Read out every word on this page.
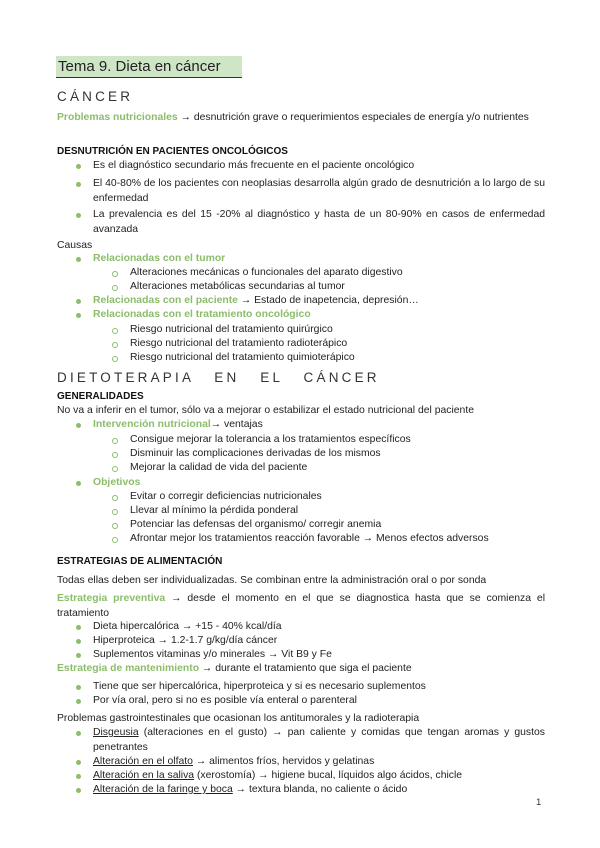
Tema 9. Dieta en cáncer
CÁNCER
Problemas nutricionales → desnutrición grave o requerimientos especiales de energía y/o nutrientes
DESNUTRICIÓN EN PACIENTES ONCOLÓGICOS
Es el diagnóstico secundario más frecuente en el paciente oncológico
El 40-80% de los pacientes con neoplasias desarrolla algún grado de desnutrición a lo largo de su enfermedad
La prevalencia es del 15 -20% al diagnóstico y hasta de un 80-90% en casos de enfermedad avanzada
Causas
Relacionadas con el tumor
Alteraciones mecánicas o funcionales del aparato digestivo
Alteraciones metabólicas secundarias al tumor
Relacionadas con el paciente → Estado de inapetencia, depresión…
Relacionadas con el tratamiento oncológico
Riesgo nutricional del tratamiento quirúrgico
Riesgo nutricional del tratamiento radioterápico
Riesgo nutricional del tratamiento quimioterápico
DIETOTERAPIA   EN   EL   CÁNCER
GENERALIDADES
No va a inferir en el tumor, sólo va a mejorar o estabilizar el estado nutricional del paciente
Intervención nutricional→ ventajas
Consigue mejorar la tolerancia a los tratamientos específicos
Disminuir las complicaciones derivadas de los mismos
Mejorar la calidad de vida del paciente
Objetivos
Evitar o corregir deficiencias nutricionales
Llevar al mínimo la pérdida ponderal
Potenciar las defensas del organismo/ corregir anemia
Afrontar mejor los tratamientos reacción favorable → Menos efectos adversos
ESTRATEGIAS DE ALIMENTACIÓN
Todas ellas deben ser individualizadas. Se combinan entre la administración oral o por sonda
Estrategia preventiva → desde el momento en el que se diagnostica hasta que se comienza el tratamiento
Dieta hipercalórica → +15 - 40% kcal/día
Hiperproteica → 1.2-1.7 g/kg/día cáncer
Suplementos vitaminas y/o minerales → Vit B9 y Fe
Estrategia de mantenimiento → durante el tratamiento que siga el paciente
Tiene que ser hipercalórica, hiperproteica y si es necesario suplementos
Por vía oral, pero si no es posible vía enteral o parenteral
Problemas gastrointestinales que ocasionan los antitumorales y la radioterapia
Disgeusia (alteraciones en el gusto) → pan caliente y comidas que tengan aromas y gustos penetrantes
Alteración en el olfato → alimentos fríos, hervidos y gelatinas
Alteración en la saliva (xerostomía) → higiene bucal, líquidos algo ácidos, chicle
Alteración de la faringe y boca → textura blanda, no caliente o ácido
1
